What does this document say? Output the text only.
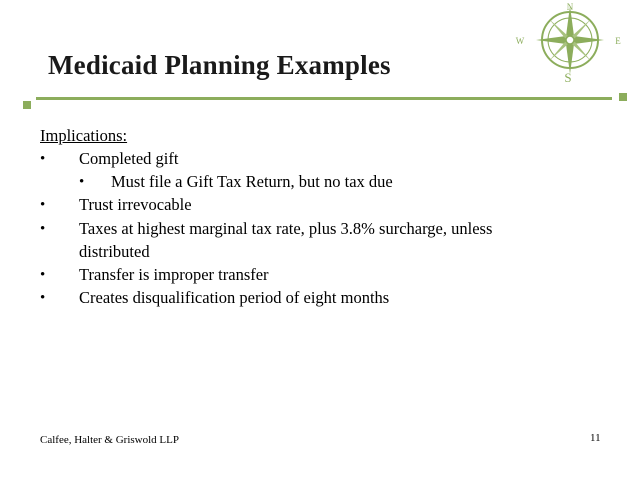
N
W	E
S
Medicaid Planning Examples
Implications:
• Completed gift
• Must file a Gift Tax Return, but no tax due
• Trust irrevocable
• Taxes at highest marginal tax rate, plus 3.8% surcharge, unless
distributed
• Transfer is improper transfer
• Creates disqualification period of eight months
Calfee, Halter & Griswold LLP	11
